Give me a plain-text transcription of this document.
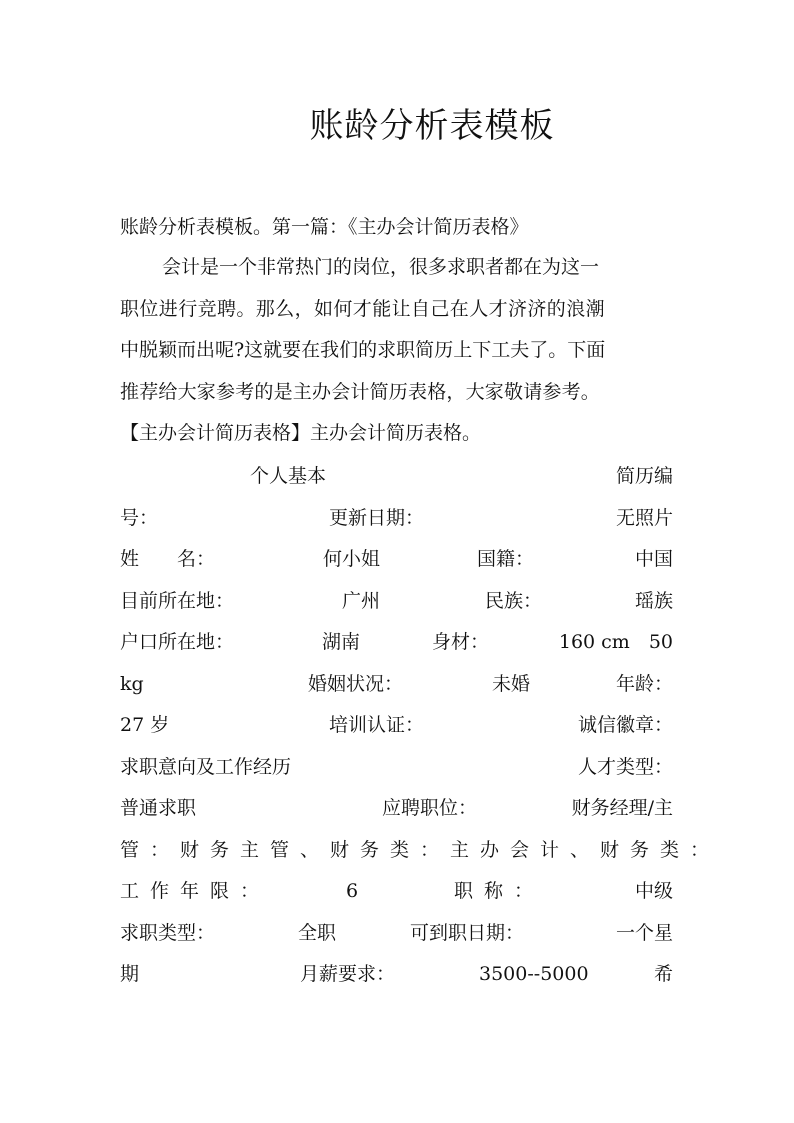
账龄分析表模板
账龄分析表模板。第一篇：《主办会计简历表格》
会计是一个非常热门的岗位，很多求职者都在为这一
职位进行竞聘。那么，如何才能让自己在人才济济的浪潮
中脱颖而出呢?这就要在我们的求职简历上下工夫了。下面
推荐给大家参考的是主办会计简历表格，大家敬请参考。
【主办会计简历表格】主办会计简历表格。
个人基本	简历编
号：	更新日期：	无照片
姓　　名：	何小姐	国籍：	中国
目前所在地：	广州	民族：	瑶族
户口所在地：	湖南	身材：	160 cm　50
kg	婚姻状况：	未婚	年龄：
27 岁	培训认证：	诚信徽章：
求职意向及工作经历	人才类型：
普通求职	应聘职位：	财务经理/主
管：财务主管、财务类：主办会计、财务类：
工作年限：	6	职称：	中级
求职类型：	全职	可到职日期：	一个星
期	月薪要求：	3500--5000	希
